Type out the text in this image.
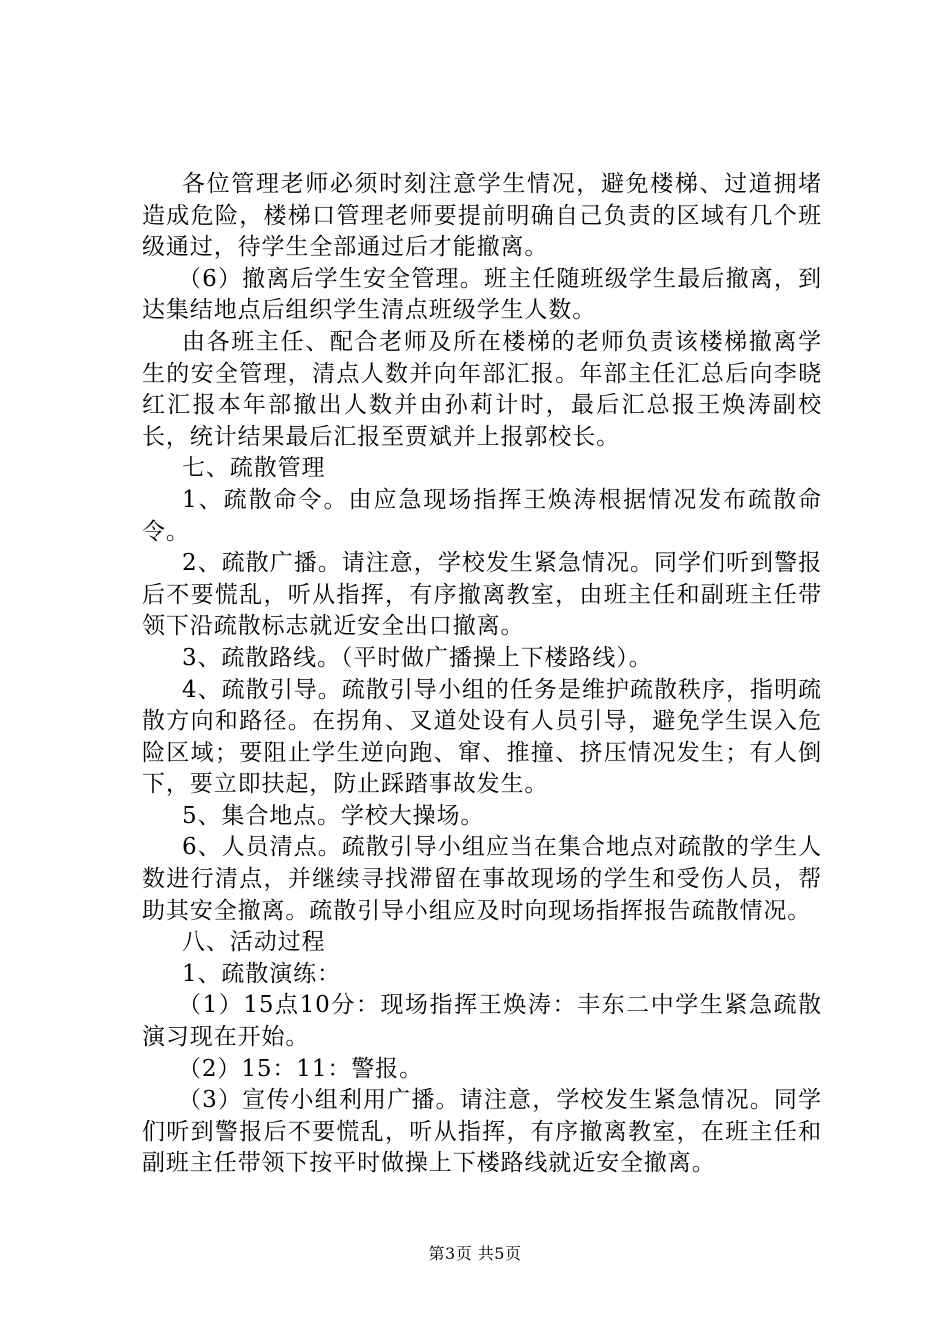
各位管理老师必须时刻注意学生情况，避免楼梯、过道拥堵造成危险，楼梯口管理老师要提前明确自己负责的区域有几个班级通过，待学生全部通过后才能撤离。

（6）撤离后学生安全管理。班主任随班级学生最后撤离，到达集结地点后组织学生清点班级学生人数。

由各班主任、配合老师及所在楼梯的老师负责该楼梯撤离学生的安全管理，清点人数并向年部汇报。年部主任汇总后向李晓红汇报本年部撤出人数并由孙莉计时，最后汇总报王焕涛副校长，统计结果最后汇报至贾斌并上报郭校长。

七、疏散管理

1、疏散命令。由应急现场指挥王焕涛根据情况发布疏散命令。

2、疏散广播。请注意，学校发生紧急情况。同学们听到警报后不要慌乱，听从指挥，有序撤离教室，由班主任和副班主任带领下沿疏散标志就近安全出口撤离。

3、疏散路线。（平时做广播操上下楼路线）。

4、疏散引导。疏散引导小组的任务是维护疏散秩序，指明疏散方向和路径。在拐角、叉道处设有人员引导，避免学生误入危险区域；要阻止学生逆向跑、窜、推撞、挤压情况发生；有人倒下，要立即扶起，防止踩踏事故发生。

5、集合地点。学校大操场。

6、人员清点。疏散引导小组应当在集合地点对疏散的学生人数进行清点，并继续寻找滞留在事故现场的学生和受伤人员，帮助其安全撤离。疏散引导小组应及时向现场指挥报告疏散情况。

八、活动过程

1、疏散演练：

（1）15点10分：现场指挥王焕涛：丰东二中学生紧急疏散演习现在开始。

（2）15：11：警报。

（3）宣传小组利用广播。请注意，学校发生紧急情况。同学们听到警报后不要慌乱，听从指挥，有序撤离教室，在班主任和副班主任带领下按平时做操上下楼路线就近安全撤离。

第3页 共5页
